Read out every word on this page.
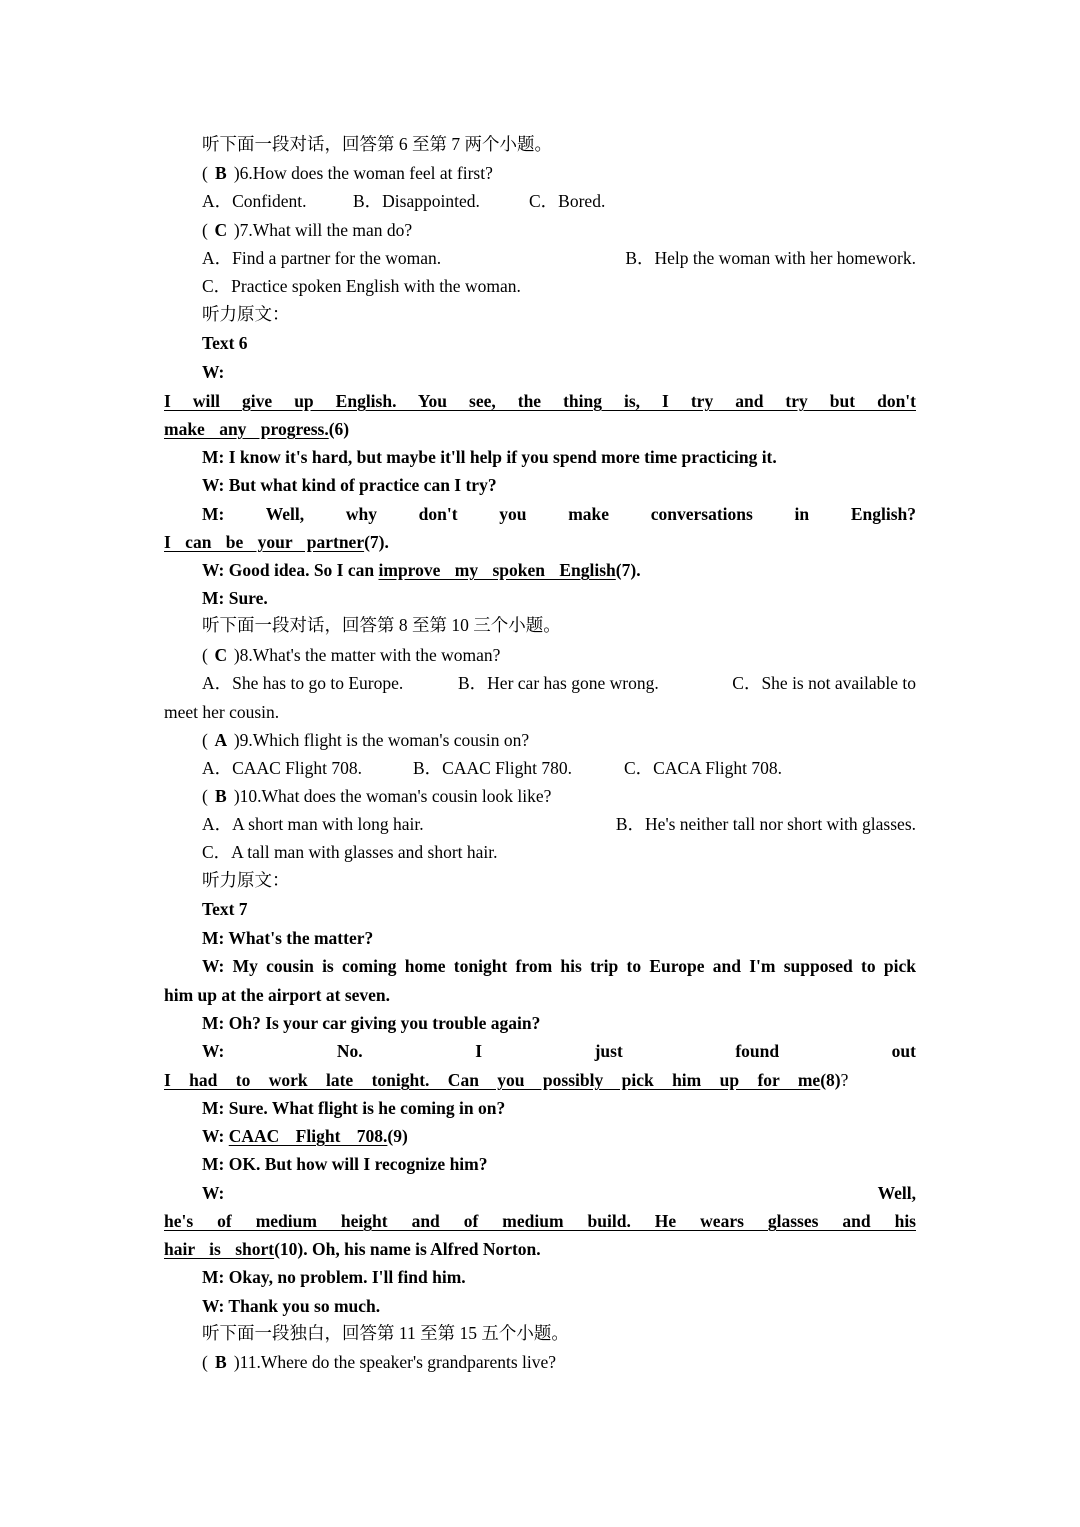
听下面一段对话，回答第 6 至第 7 两个小题。
( B )6.How does the woman feel at first?
A．Confident.	B．Disappointed.	C．Bored.
( C )7.What will the man do?
A．Find a partner for the woman.	B．Help the woman with her homework.
C．Practice spoken English with the woman.
听力原文：
Text 6
W:
I will give up English. You see, the thing is, I try and try but don't
make any progress.(6)
M: I know it's hard, but maybe it'll help if you spend more time practicing it.
W: But what kind of practice can I try?
M: Well, why don't you make conversations in English?
I can be your partner(7).
W: Good idea. So I can improve my spoken English(7).
M: Sure.
听下面一段对话，回答第 8 至第 10 三个小题。
( C )8.What's the matter with the woman?
A．She has to go to Europe.	B．Her car has gone wrong.	C．She is not available to
meet her cousin.
( A )9.Which flight is the woman's cousin on?
A．CAAC Flight 708.	B．CAAC Flight 780.	C．CACA Flight 708.
( B )10.What does the woman's cousin look like?
A．A short man with long hair.	B．He's neither tall nor short with glasses.
C．A tall man with glasses and short hair.
听力原文：
Text 7
M: What's the matter?
W: My cousin is coming home tonight from his trip to Europe and I'm supposed to pick
him up at the airport at seven.
M: Oh? Is your car giving you trouble again?
W: No. I just found out
I had to work late tonight. Can you possibly pick him up for me(8)?
M: Sure. What flight is he coming in on?
W: CAAC Flight 708.(9)
M: OK. But how will I recognize him?
W:	Well,
he's of medium height and of medium build. He wears glasses and his
hair is short(10). Oh, his name is Alfred Norton.
M: Okay, no problem. I'll find him.
W: Thank you so much.
听下面一段独白，回答第 11 至第 15 五个小题。
( B )11.Where do the speaker's grandparents live?
